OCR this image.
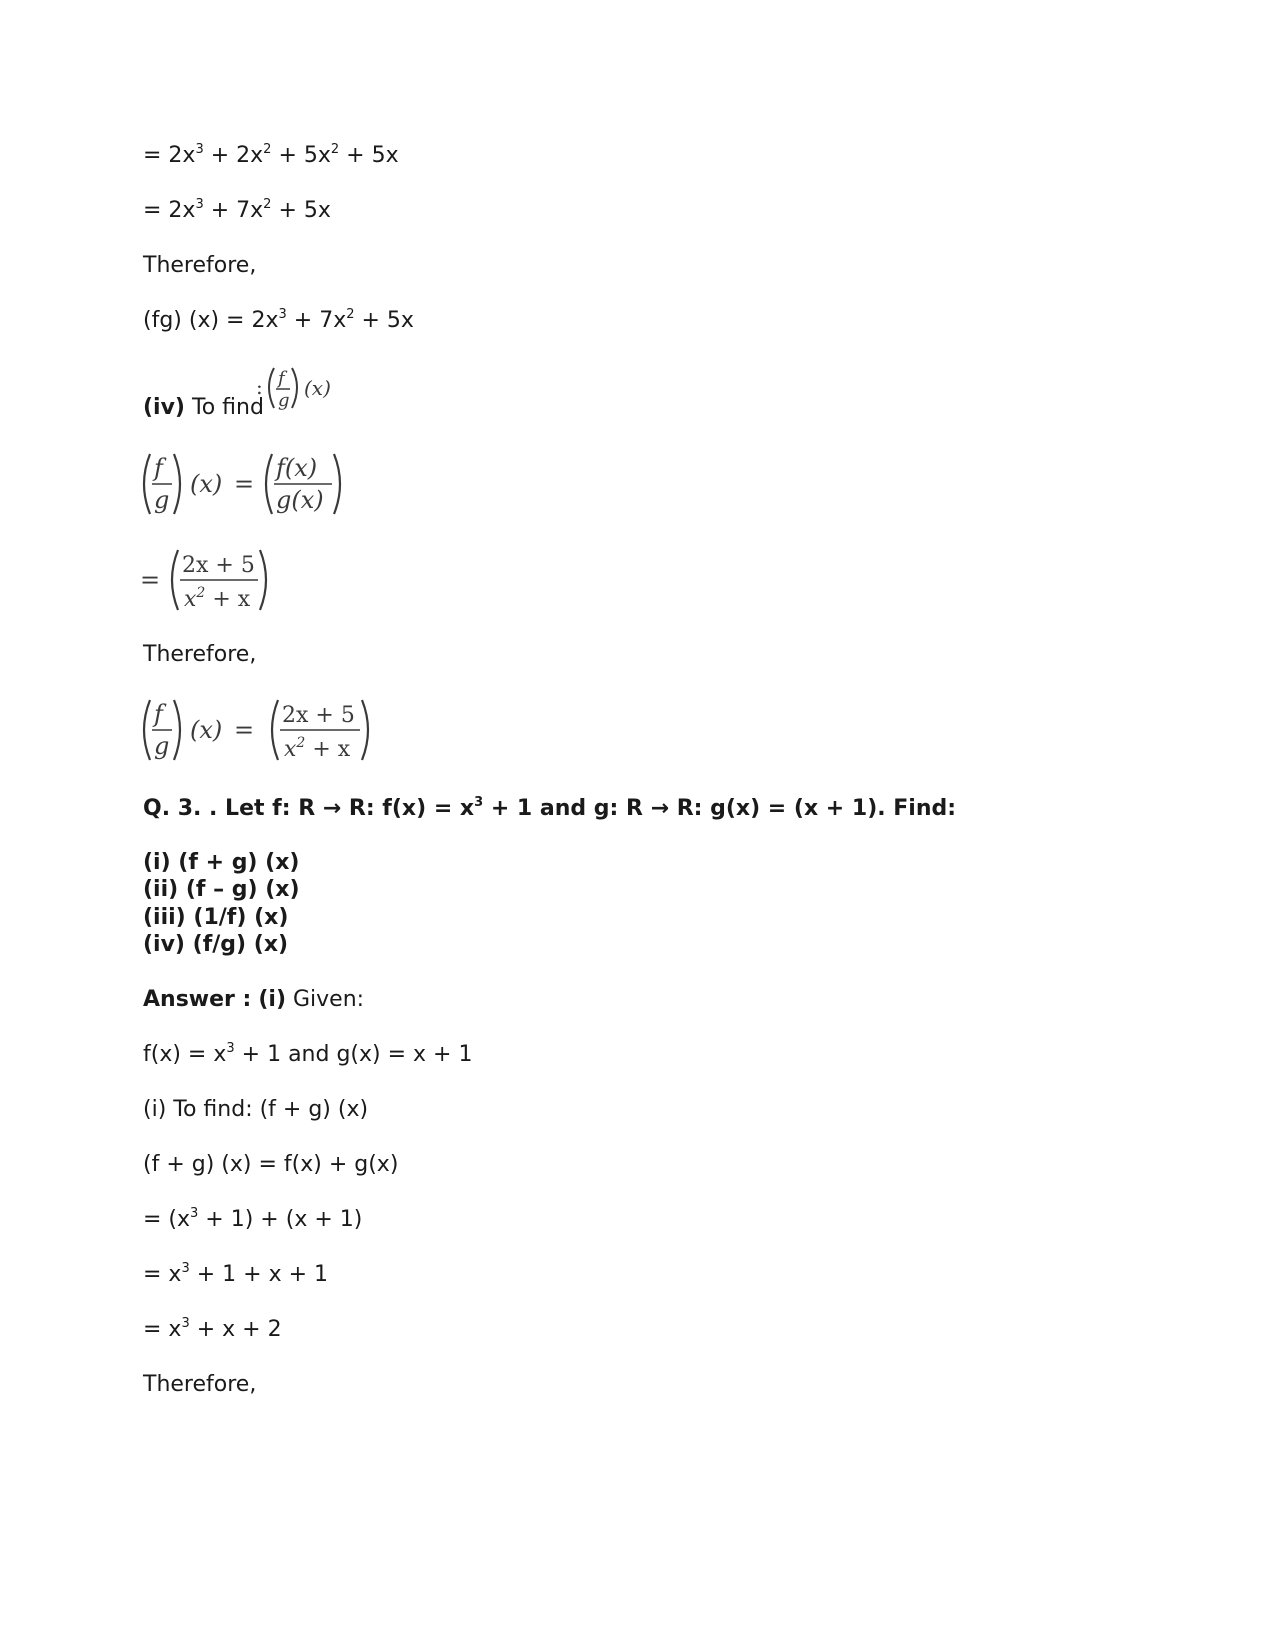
= $2x^3 + 2x^2 + 5x^2 + 5x$
= $2x^3 + 7x^2 + 5x$
Therefore,
(fg) $(x) = 2x^3 + 7x^2 + 5x$
(iv) To find
: f
g
(x)
f
g
(x) =
f(x)
g(x)
=
2x + 5
$x^2 + x$
Therefore,
f
g
(x) =
2x + 5
$x^2 + x$
Q. 3. . Let f: R → R: $f(x) = x^3 + 1$ and g: R → R: g(x) = (x + 1). Find:
(i) (f + g) (x)
(ii) (f – g) (x)
(iii) (1/f) (x)
(iv) (f/g) (x)
Answer : (i) Given:
$f(x) = x^3 + 1$ and g(x) = x + 1
(i) To find: (f + g) (x)
(f + g) (x) = f(x) + g(x)
= $(x^3 + 1) + (x + 1)$
= $x^3 + 1 + x + 1$
= $x^3 + x + 2$
Therefore,
